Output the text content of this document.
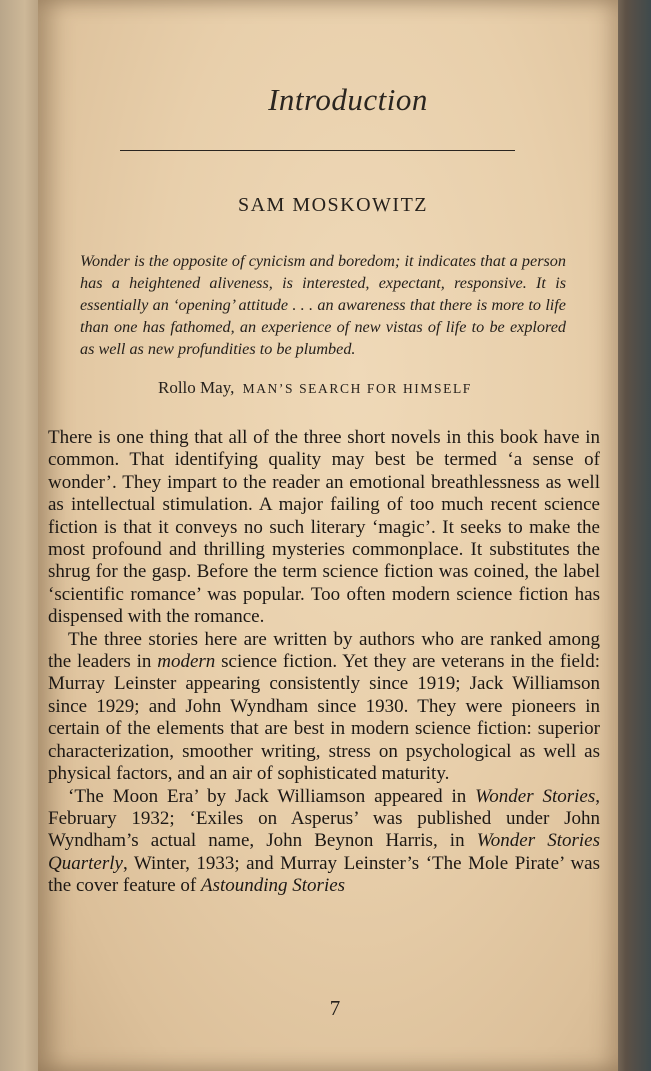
Introduction
SAM MOSKOWITZ
Wonder is the opposite of cynicism and boredom; it indicates that a person has a heightened aliveness, is interested, expectant, responsive. It is essentially an ‘opening’ attitude . . . an awareness that there is more to life than one has fathomed, an experience of new vistas of life to be explored as well as new profundities to be plumbed.
Rollo May, MAN’S SEARCH FOR HIMSELF

There is one thing that all of the three short novels in this book have in common. That identifying quality may best be termed ‘a sense of wonder’. They impart to the reader an emotional breathlessness as well as intellectual stimulation. A major failing of too much recent science fiction is that it conveys no such literary ‘magic’. It seeks to make the most profound and thrilling mysteries commonplace. It substitutes the shrug for the gasp. Before the term science fiction was coined, the label ‘scientific romance’ was popular. Too often modern science fiction has dispensed with the romance.

The three stories here are written by authors who are ranked among the leaders in modern science fiction. Yet they are veterans in the field: Murray Leinster appearing consistently since 1919; Jack Williamson since 1929; and John Wyndham since 1930. They were pioneers in certain of the elements that are best in modern science fiction: superior characterization, smoother writing, stress on psychological as well as physical factors, and an air of sophisticated maturity.

‘The Moon Era’ by Jack Williamson appeared in Wonder Stories, February 1932; ‘Exiles on Asperus’ was published under John Wyndham’s actual name, John Beynon Harris, in Wonder Stories Quarterly, Winter, 1933; and Murray Leinster’s ‘The Mole Pirate’ was the cover feature of Astounding Stories

7
